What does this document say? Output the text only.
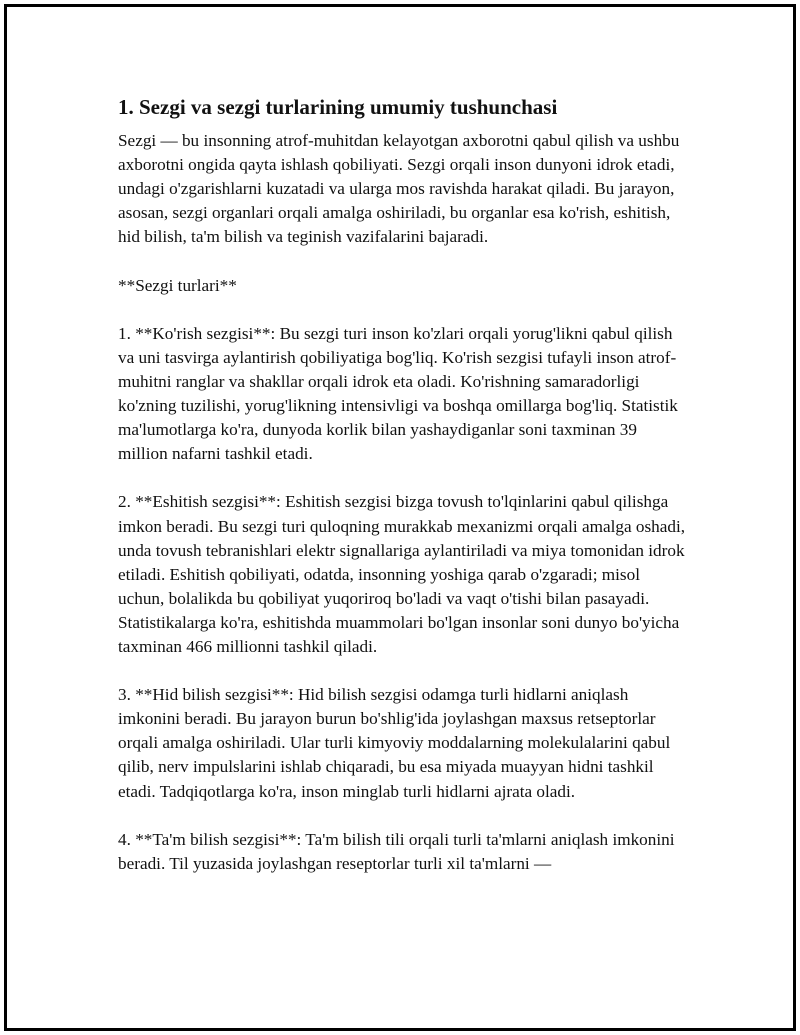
1. Sezgi va sezgi turlarining umumiy tushunchasi

Sezgi — bu insonning atrof-muhitdan kelayotgan axborotni qabul qilish va ushbu axborotni ongida qayta ishlash qobiliyati. Sezgi orqali inson dunyoni idrok etadi, undagi o'zgarishlarni kuzatadi va ularga mos ravishda harakat qiladi. Bu jarayon, asosan, sezgi organlari orqali amalga oshiriladi, bu organlar esa ko'rish, eshitish, hid bilish, ta'm bilish va teginish vazifalarini bajaradi.

**Sezgi turlari**

1. **Ko'rish sezgisi**: Bu sezgi turi inson ko'zlari orqali yorug'likni qabul qilish va uni tasvirga aylantirish qobiliyatiga bog'liq. Ko'rish sezgisi tufayli inson atrof-muhitni ranglar va shakllar orqali idrok eta oladi. Ko'rishning samaradorligi ko'zning tuzilishi, yorug'likning intensivligi va boshqa omillarga bog'liq. Statistik ma'lumotlarga ko'ra, dunyoda korlik bilan yashaydiganlar soni taxminan 39 million nafarni tashkil etadi.

2. **Eshitish sezgisi**: Eshitish sezgisi bizga tovush to'lqinlarini qabul qilishga imkon beradi. Bu sezgi turi quloqning murakkab mexanizmi orqali amalga oshadi, unda tovush tebranishlari elektr signallariga aylantiriladi va miya tomonidan idrok etiladi. Eshitish qobiliyati, odatda, insonning yoshiga qarab o'zgaradi; misol uchun, bolalikda bu qobiliyat yuqoriroq bo'ladi va vaqt o'tishi bilan pasayadi. Statistikalarga ko'ra, eshitishda muammolari bo'lgan insonlar soni dunyo bo'yicha taxminan 466 millionni tashkil qiladi.

3. **Hid bilish sezgisi**: Hid bilish sezgisi odamga turli hidlarni aniqlash imkonini beradi. Bu jarayon burun bo'shlig'ida joylashgan maxsus retseptorlar orqali amalga oshiriladi. Ular turli kimyoviy moddalarning molekulalarini qabul qilib, nerv impulslarini ishlab chiqaradi, bu esa miyada muayyan hidni tashkil etadi. Tadqiqotlarga ko'ra, inson minglab turli hidlarni ajrata oladi.

4. **Ta'm bilish sezgisi**: Ta'm bilish tili orqali turli ta'mlarni aniqlash imkonini beradi. Til yuzasida joylashgan reseptorlar turli xil ta'mlarni —
